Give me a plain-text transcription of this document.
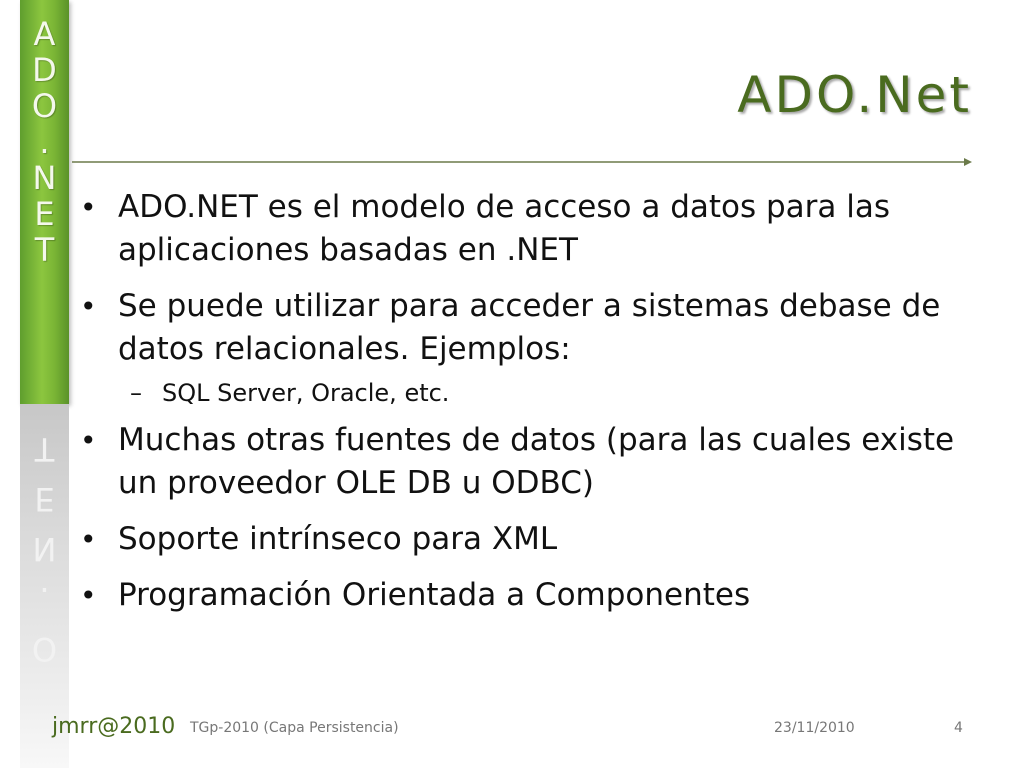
A
D
O
.
N
E
T
T
E
N
.
O
ADO.Net
• ADO.NET es el modelo de acceso a datos para las aplicaciones basadas en .NET
• Se puede utilizar para acceder a sistemas debase de datos relacionales. Ejemplos:
– SQL Server, Oracle, etc.
• Muchas otras fuentes de datos (para las cuales existe un proveedor OLE DB u ODBC)
• Soporte intrínseco para XML
• Programación Orientada a Componentes
jmrr@2010 TGp-2010 (Capa Persistencia)	23/11/2010	4
